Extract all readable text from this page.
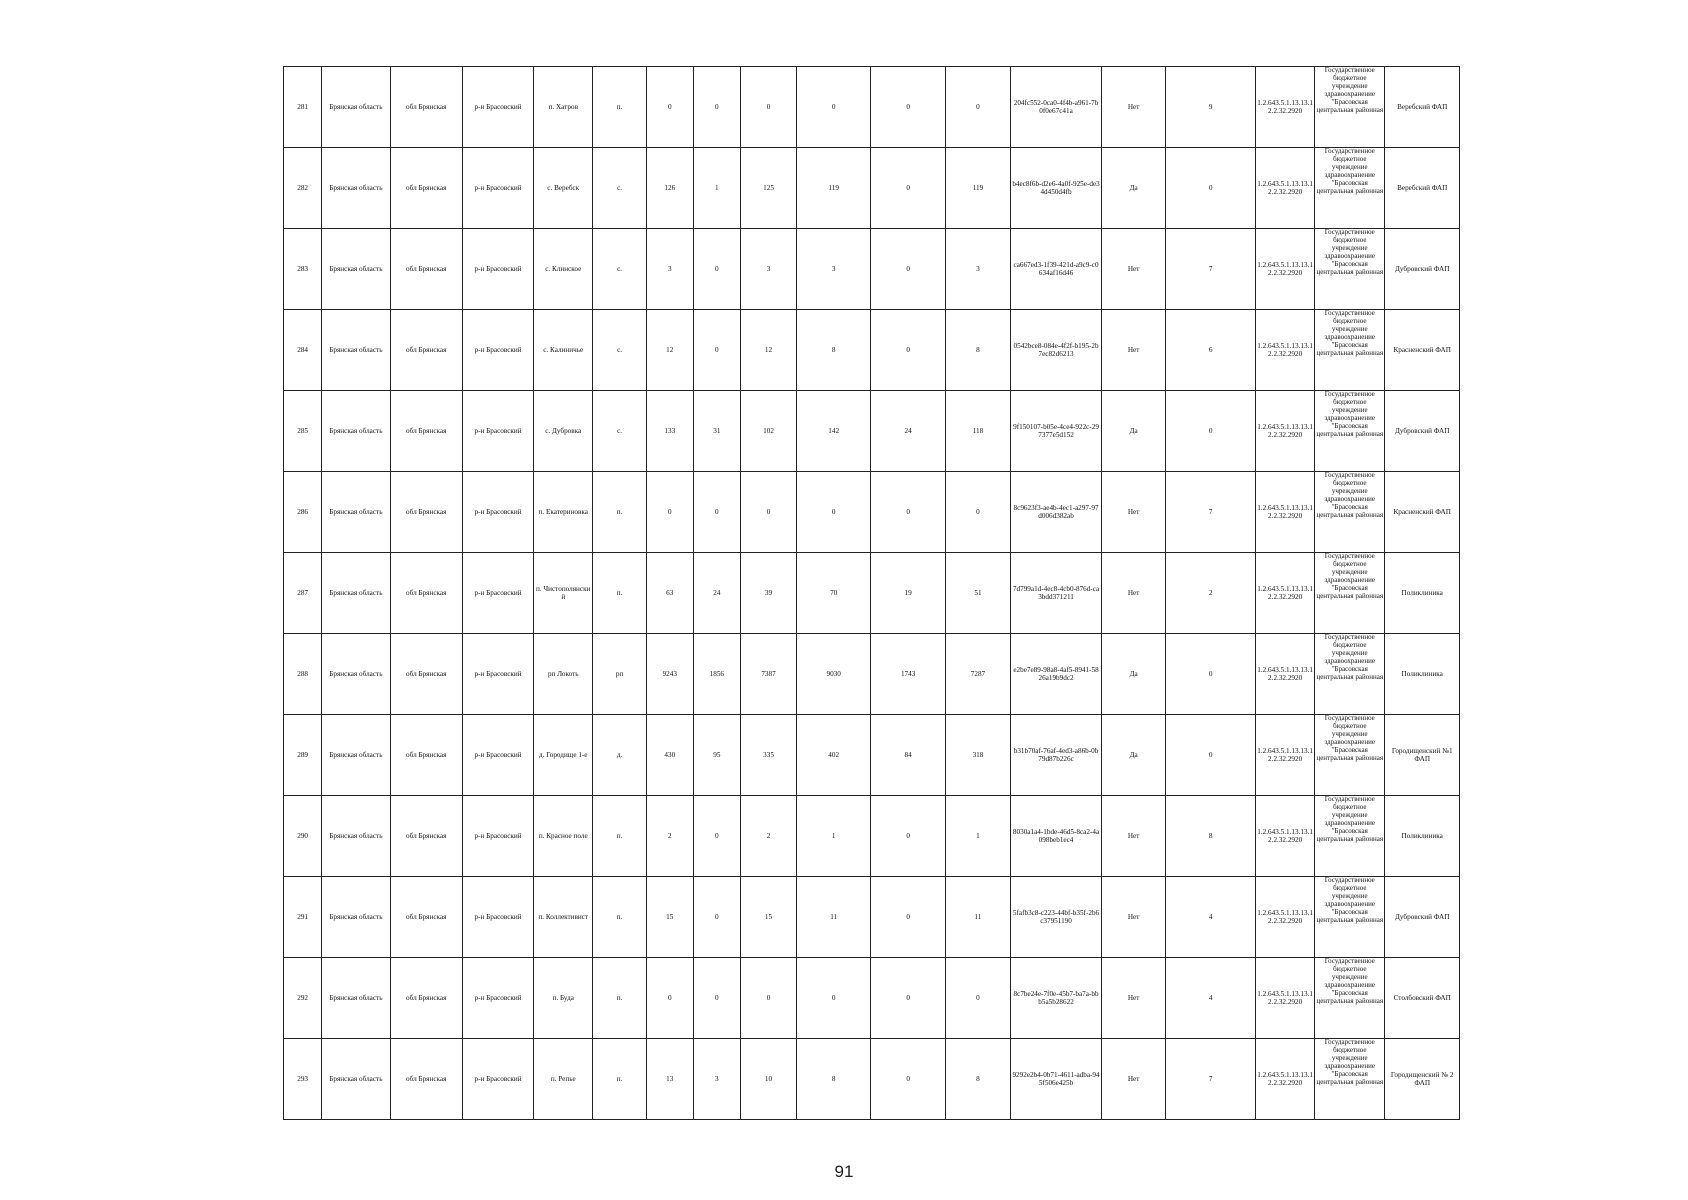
281	Брянская область	обл Брянская	р-н Брасовский	п. Хатров	п.	0	0	0	0	0	0	204fc552-0ca0-4f4b-a961-7b0f0e67c41a	Нет	9	1.2.643.5.1.13.13.12.2.32.2920	Государственное бюджетное учреждение здравоохранение "Брасовская центральная районная	Веребский ФАП
282	Брянская область	обл Брянская	р-н Брасовский	с. Веребск	с.	126	1	125	119	0	119	b4ec8f6b-d2e6-4a0f-925e-de34d450d4fb	Да	0	1.2.643.5.1.13.13.12.2.32.2920	Государственное бюджетное учреждение здравоохранение "Брасовская центральная районная	Веребский ФАП
283	Брянская область	обл Брянская	р-н Брасовский	с. Клинское	с.	3	0	3	3	0	3	ca667ed3-1f39-421d-a9c9-c0634af16d46	Нет	7	1.2.643.5.1.13.13.12.2.32.2920	Государственное бюджетное учреждение здравоохранение "Брасовская центральная районная	Дубровский ФАП
284	Брянская область	обл Брянская	р-н Брасовский	с. Калиничье	с.	12	0	12	8	0	8	0542bce8-084e-4f2f-b195-2b7ec82d6213	Нет	6	1.2.643.5.1.13.13.12.2.32.2920	Государственное бюджетное учреждение здравоохранение "Брасовская центральная районная	Красненский ФАП
285	Брянская область	обл Брянская	р-н Брасовский	с. Дубровка	с.	133	31	102	142	24	118	9f150107-b05e-4ce4-922c-297377e5d152	Да	0	1.2.643.5.1.13.13.12.2.32.2920	Государственное бюджетное учреждение здравоохранение "Брасовская центральная районная	Дубровский ФАП
286	Брянская область	обл Брянская	р-н Брасовский	п. Екатериновка	п.	0	0	0	0	0	0	8c9623f3-ae4b-4ec1-a297-97d006d382ab	Нет	7	1.2.643.5.1.13.13.12.2.32.2920	Государственное бюджетное учреждение здравоохранение "Брасовская центральная районная	Красненский ФАП
287	Брянская область	обл Брянская	р-н Брасовский	п. Чистополянский	п.	63	24	39	70	19	51	7d799a1d-4ec8-4cb0-876d-ca3bdd371211	Нет	2	1.2.643.5.1.13.13.12.2.32.2920	Государственное бюджетное учреждение здравоохранение "Брасовская центральная районная	Поликлиника
288	Брянская область	обл Брянская	р-н Брасовский	рп Локоть	рп	9243	1856	7387	9030	1743	7287	e2be7e89-98a8-4af5-8941-5826a19b9dc2	Да	0	1.2.643.5.1.13.13.12.2.32.2920	Государственное бюджетное учреждение здравоохранение "Брасовская центральная районная	Поликлиника
289	Брянская область	обл Брянская	р-н Брасовский	д. Городище 1-е	д.	430	95	335	402	84	318	b31b70af-76af-4ed3-a86b-0b79d87b226c	Да	0	1.2.643.5.1.13.13.12.2.32.2920	Государственное бюджетное учреждение здравоохранение "Брасовская центральная районная	Городищенский №1 ФАП
290	Брянская область	обл Брянская	р-н Брасовский	п. Красное поле	п.	2	0	2	1	0	1	8030a1a4-1bde-46d5-8ca2-4a098beb1ec4	Нет	8	1.2.643.5.1.13.13.12.2.32.2920	Государственное бюджетное учреждение здравоохранение "Брасовская центральная районная	Поликлиника
291	Брянская область	обл Брянская	р-н Брасовский	п. Коллективист	п.	15	0	15	11	0	11	5fafb3c8-c223-44bf-b35f-2b6c37951190	Нет	4	1.2.643.5.1.13.13.12.2.32.2920	Государственное бюджетное учреждение здравоохранение "Брасовская центральная районная	Дубровский ФАП
292	Брянская область	обл Брянская	р-н Брасовский	п. Буда	п.	0	0	0	0	0	0	8c7be24e-7f0e-45b7-ba7a-bbb5a5b28622	Нет	4	1.2.643.5.1.13.13.12.2.32.2920	Государственное бюджетное учреждение здравоохранение "Брасовская центральная районная	Столбовский ФАП
293	Брянская область	обл Брянская	р-н Брасовский	п. Репье	п.	13	3	10	8	0	8	9292e2b4-0b71-4611-adba-945f506e425b	Нет	7	1.2.643.5.1.13.13.12.2.32.2920	Государственное бюджетное учреждение здравоохранение "Брасовская центральная районная	Городищенский № 2 ФАП
91
